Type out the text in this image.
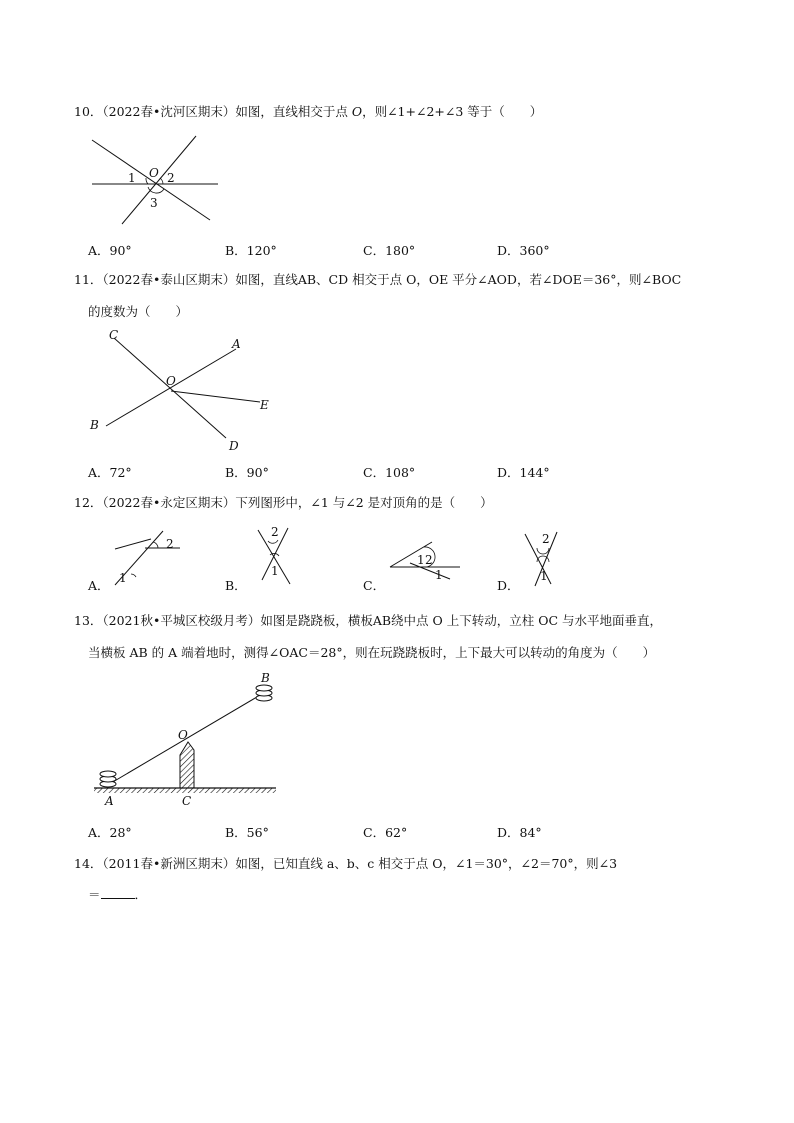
10．（2022春•沈河区期末）如图，直线相交于点 O，则∠1+∠2+∠3 等于（　　）
O
1	2
3
A．90°	B．120°	C．180°	D．360°
11．（2022春•泰山区期末）如图，直线AB、CD 相交于点 O，OE 平分∠AOD，若∠DOE＝36°，则∠BOC
的度数为（　　）
C
A
O
E
B
D
A．72°	B．90°	C．108°	D．144°
12．（2022春•永定区期末）下列图形中，∠1 与∠2 是对顶角的是（　　）
1
2
A．
2
1
B．
1 2
1
C．
2
1
D．
13．（2021秋•平城区校级月考）如图是跷跷板，横板AB绕中点 O 上下转动，立柱 OC 与水平地面垂直，
当横板 AB 的 A 端着地时，测得∠OAC＝28°，则在玩跷跷板时，上下最大可以转动的角度为（　　）
B
O
A	C
A．28°	B．56°	C．62°	D．84°
14．（2011春•新洲区期末）如图，已知直线 a、b、c 相交于点 O，∠1＝30°，∠2＝70°，则∠3
＝	．
